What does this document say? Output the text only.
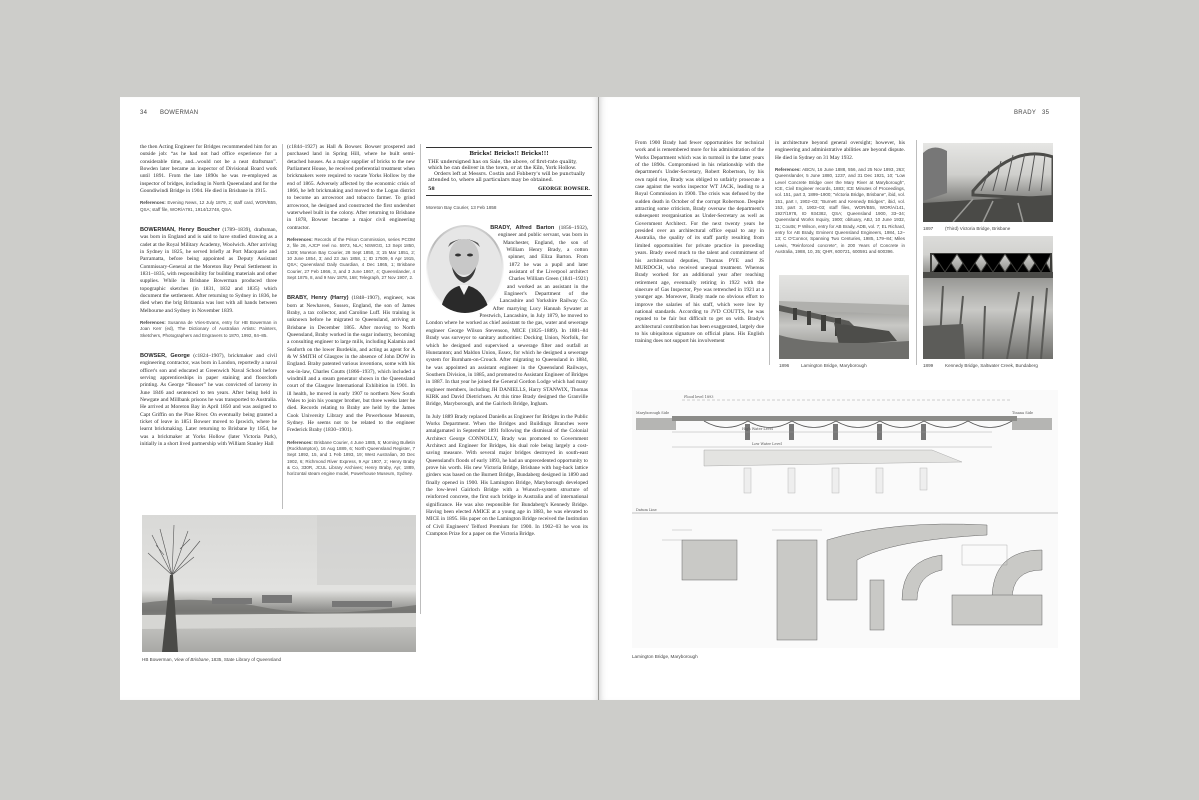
34 BOWERMAN

the then Acting Engineer for Bridges recommended him for an outside job: “as he had not had office experience for a considerable time, and...would not be a neat draftsman”. Bowden later became an inspector of Divisional Board work until 1891. From the late 1890s he was re-employed as inspector of bridges, including in North Queensland and for the Goondiwindi Bridge in 1904. He died in Brisbane in 1915.

References: Evening News, 12 July 1879, 2; staff card, WOR/B55, QSA; staff file, WOR/A791, 1914/12748, QSA.

BOWERMAN, Henry Boucher (1789–1839), draftsman, was born in England and is said to have studied drawing as a cadet at the Royal Military Academy, Woolwich. After arriving in Sydney in 1825, he served briefly at Port Macquarie and Parramatta, before being appointed as Deputy Assistant Commissary-General at the Moreton Bay Penal Settlement in 1831–1835, with responsibility for building materials and other supplies. While in Brisbane Bowerman produced three topographic sketches (in 1831, 1832 and 1835) which document the settlement. After returning to Sydney in 1836, he died when the brig Britannia was lost with all hands between Melbourne and Sydney in November 1839.

References: Susanna de Vries-Evans, entry for HB Bowerman in Joan Kerr (ed), The Dictionary of Australian Artists: Painters, Sketchers, Photographers and Engravers to 1870, 1992, 84–85.

BOWSER, George (c1824–1907), brickmaker and civil engineering contractor, was born in London, reportedly a naval officer's son and educated at Greenwich Naval School before serving apprenticeships in paper staining and floorcloth printing. As George “Bouser” he was convicted of larceny in June 1846 and sentenced to ten years. After being held in Newgate and Millbank prisons he was transported to Australia. He arrived at Moreton Bay in April 1850 and was assigned to Capt Griffin on the Pine River. On eventually being granted a ticket of leave in 1851 Bowser moved to Ipswich, where he learnt brickmaking. Later returning to Brisbane by 1854, he was a brickmaker at Yorks Hollow (later Victoria Park), initially in a short lived partnership with William Stanley Hall

(c1844–1927) as Hall & Bowser. Bowser prospered and purchased land in Spring Hill, where he built semi-detached houses. As a major supplier of bricks to the new Parliament House, he received preferential treatment when brickmakers were required to vacate Yorks Hollow by the end of 1865. Adversely affected by the economic crisis of 1866, he left brickmaking and moved to the Logan district to become an arrowroot and tobacco farmer. To grind arrowroot, he designed and constructed the first undershot waterwheel built in the colony. After returning to Brisbane in 1878, Bowser became a major civil engineering contractor.

References: Records of the Prison Commission, series PCOM 2, file 26, AJCP reel no. 5973, NLA; NSWGG, 13 Sept 1850, 1429; Moreton Bay Courier, 28 Sept 1850, 3; 15 Mar 1851, 2; 10 June 1854, 3; and 23 Jan 1858, 1; ID 17509, 6 Apr 1915, QSA; Queensland Daily Guardian, 4 Dec 1865, 1; Brisbane Courier, 27 Feb 1866, 3, and 3 June 1867, 4; Queenslander, 4 Sept 1875, 8, and 9 Nov 1878, 168; Telegraph, 27 Nov 1907, 2.

BRABY, Henry (Harry) (1848–1907), engineer, was born at Newhaven, Sussex, England, the son of James Braby, a tax collector, and Caroline Luff. His training is unknown before he migrated to Queensland, arriving at Brisbane in December 1865. After moving to North Queensland, Braby worked in the sugar industry, becoming a consulting engineer to large mills, including Kalamia and Seaforth on the lower Burdekin, and acting as agent for A & W SMITH of Glasgow in the absence of John DOW in England. Braby patented various inventions, some with his son-in-law, Charles Coutts (1866–1937), which included a windmill and a steam generator shown in the Queensland court of the Glasgow International Exhibition in 1901. In ill health, he moved in early 1907 to northern New South Wales to join his younger brother, but three weeks later he died. Records relating to Braby are held by the James Cook University Library and the Powerhouse Museum, Sydney. He seems not to be related to the engineer Frederick Braby (1830–1901).

References: Brisbane Courier, 4 June 1885, 5; Morning Bulletin (Rockhampton), 16 Aug 1889, 6; North Queensland Register, 7 Sept 1892, 15, and 1 Feb 1893, 19; West Australian, 30 Dec 1902, 6; Richmond River Express, 9 Apr 1907, 2; Henry Braby & Co, 330R, JCUL Library Archives; Henry Braby, Ayr, 1889, horizontal steam engine model, Powerhouse Museum, Sydney.

Bricks! Bricks!! Bricks!!!
THE undersigned has on Sale, the above, of first-rate quality, which he can deliver in the town, or at the Kiln, York Hollow.
Orders left at Messrs. Costin and Fobbery's will be punctually attended to, where all particulars may be obtained.
58	GEORGE BOWSER.
Moreton Bay Courier, 13 Feb 1858

BRADY, Alfred Barton (1856–1932), engineer and public servant, was born in Manchester, England, the son of William Henry Brady, a cotton spinner, and Eliza Barton. From 1872 he was a pupil and later assistant of the Liverpool architect Charles William Green (1841–1921) and worked as an assistant in the Engineer's Department of the Lancashire and Yorkshire Railway Co. After marrying Lucy Hannah Sywater at Prestwich, Lancashire, in July 1879, he moved to London where he worked as chief assistant to the gas, water and sewerage engineer George Wilson Stevenson, MICE (1825–1889). In 1881–84 Brady was surveyor to sanitary authorities: Docking Union, Norfolk, for which he designed and supervised a sewerage filter and outfall at Hunstanton; and Maldon Union, Essex, for which he designed a sewerage system for Burnham-on-Crouch. After migrating to Queensland in 1884, he was appointed an assistant engineer in the Queensland Railways, Southern Division, in 1885, and promoted to Assistant Engineer of Bridges in 1887. In that year he joined the General Gordon Lodge which had many engineer members, including JH DANIELLS, Harry STANWIX, Thomas KIRK and David Dietrichsen. At this time Brady designed the Granville Bridge, Maryborough, and the Gairloch Bridge, Ingham.

In July 1889 Brady replaced Daniells as Engineer for Bridges in the Public Works Department. When the Bridges and Buildings Branches were amalgamated in September 1891 following the dismissal of the Colonial Architect George CONNOLLY, Brady was promoted to Government Architect and Engineer for Bridges, his dual role being largely a cost-saving measure. With several major bridges destroyed in south-east Queensland's floods of early 1893, he had an unprecedented opportunity to prove his worth. His new Victoria Bridge, Brisbane with hog-back lattice girders was based on the Burnett Bridge, Bundaberg designed in 1890 and finally opened in 1900. His Lamington Bridge, Maryborough developed the low-level Gairloch Bridge with a Wunsch-system structure of reinforced concrete, the first such bridge in Australia and of international significance. He was also responsible for Bundaberg's Kennedy Bridge. Having been elected AMICE at a young age in 1883, he was elevated to MICE in 1895. His paper on the Lamington Bridge received the Institution of Civil Engineers' Telford Premium for 1900. In 1902–03 he won its Crampton Prize for a paper on the Victoria Bridge.

HB Bowerman, View of Brisbane, 1835, State Library of Queensland
BRADY 35

From 1900 Brady had fewer opportunities for technical work and is remembered more for his administration of the Works Department which was in turmoil in the latter years of the 1890s. Compromised in his relationship with the department's Under-Secretary, Robert Robertson, by his own rapid rise, Brady was obliged to unfairly prosecute a case against the works inspector WT JACK, leading to a Royal Commission in 1900. The crisis was defused by the sudden death in October of the corrupt Robertson. Despite attracting some criticism, Brady oversaw the department's subsequent reorganisation as Under-Secretary as well as Government Architect. For the next twenty years he presided over an architectural office equal to any in Australia, the quality of its staff partly resulting from limited opportunities for private practice in preceding years. Brady owed much to the talent and commitment of his architectural deputies, Thomas PYE and JS MURDOCH, who received unequal treatment. Whereas Brady worked for an additional year after reaching retirement age, eventually retiring in 1922 with the sinecure of Gas Inspector, Pye was retrenched in 1921 at a younger age. Moreover, Brady made no obvious effort to improve the salaries of his staff, which were low by national standards. According to JVD COUTTS, he was reputed to be fair but difficult to get on with. Brady's architectural contribution has been exaggerated, largely due to his ubiquitous signature on official plans. His English training does not support his involvement

in architecture beyond general oversight; however, his engineering and administrative abilities are beyond dispute. He died in Sydney on 31 May 1932.

References: ABCN, 16 June 1888, 556, and 25 Nov 1893, 263; Queenslander, 5 June 1880, 1237, and 31 Dec 1921, 10; “Low Level Concrete Bridge over the Mary River at Maryborough”, ICE, Civil Engineer records, 1883; ICE Minutes of Proceedings, vol. 151, part 3, 1899–1900; “Victoria Bridge, Brisbane”, ibid, vol. 151, part I, 1902–03; “Burnett and Kennedy Bridges”, ibid, vol. 153, part 3, 1902–03; staff files, WOR/B55, WOR/A/141, 1927/1978, ID 934382, QSA; Queensland 1900, 33–34; Queensland Works Inquiry, 1900; obituary, ABJ, 10 June 1932, 11; Coutts; P Wilson, entry for AB Brady, ADB, vol. 7; EL Richard, entry for AB Brady, Eminent Queensland Engineers, 1984, 12–13; C O'Connor, Spanning Two Centuries, 1985, 179–84; Miles Lewis, “Reinforced concrete”, in 200 Years of Concrete in Australia, 1988, 10, 35; QHR, 600721, 600591 and 600396.

1896	Lamington Bridge, Maryborough
1897	(Third) Victoria Bridge, Brisbane
1899	Kennedy Bridge, Saltwater Creek, Bundaberg
Flood level 1893
Maryborough Side	Tinana Side
High Water Level
Low Water Level
Datum Line
Lamington Bridge, Maryborough
